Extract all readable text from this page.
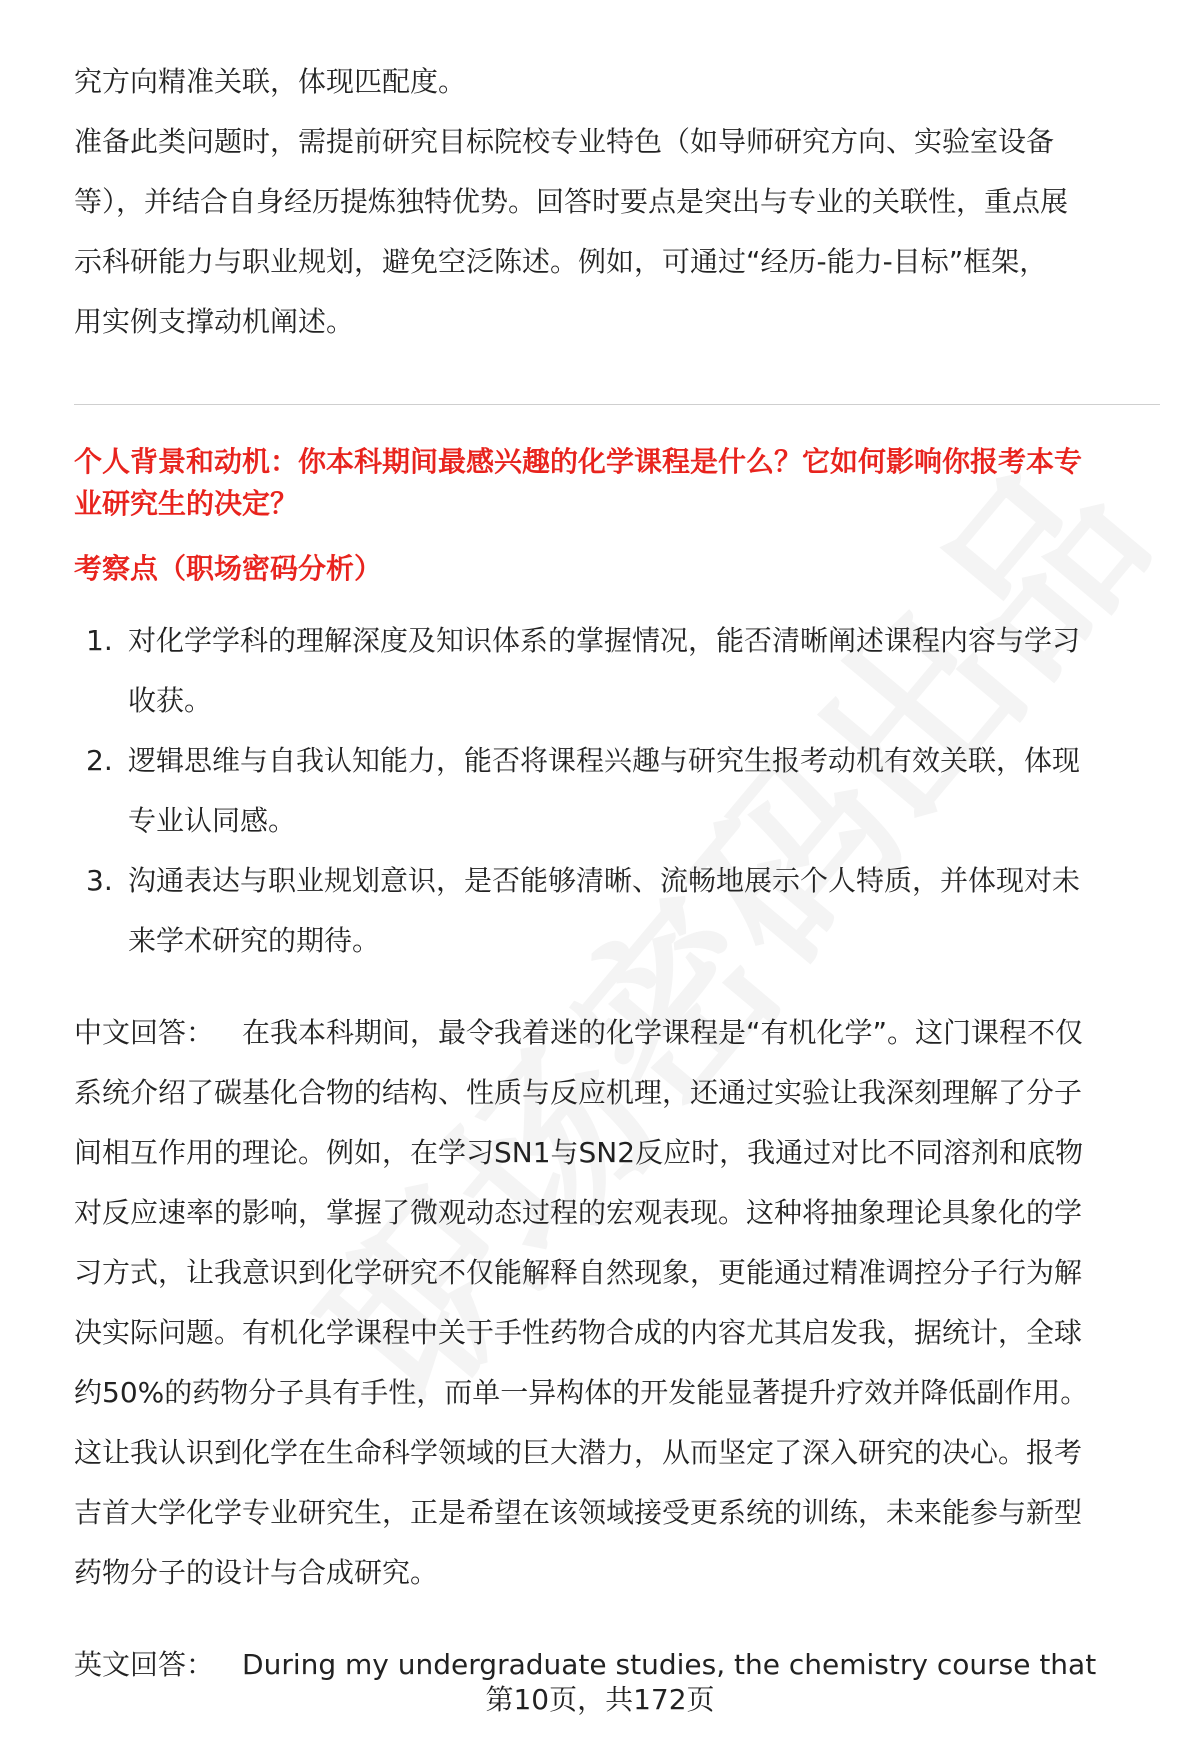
究方向精准关联，体现匹配度。

准备此类问题时，需提前研究目标院校专业特色（如导师研究方向、实验室设备

等），并结合自身经历提炼独特优势。回答时要点是突出与专业的关联性，重点展

示科研能力与职业规划，避免空泛陈述。例如，可通过“经历-能力-目标”框架，

用实例支撑动机阐述。

个人背景和动机：你本科期间最感兴趣的化学课程是什么？它如何影响你报考本专

业研究生的决定？

考察点（职场密码分析）

1. 对化学学科的理解深度及知识体系的掌握情况，能否清晰阐述课程内容与学习
收获。
2. 逻辑思维与自我认知能力，能否将课程兴趣与研究生报考动机有效关联，体现
专业认同感。
3. 沟通表达与职业规划意识，是否能够清晰、流畅地展示个人特质，并体现对未
来学术研究的期待。

中文回答： 在我本科期间，最令我着迷的化学课程是“有机化学”。这门课程不仅

系统介绍了碳基化合物的结构、性质与反应机理，还通过实验让我深刻理解了分子

间相互作用的理论。例如，在学习SN1与SN2反应时，我通过对比不同溶剂和底物

对反应速率的影响，掌握了微观动态过程的宏观表现。这种将抽象理论具象化的学

习方式，让我意识到化学研究不仅能解释自然现象，更能通过精准调控分子行为解

决实际问题。有机化学课程中关于手性药物合成的内容尤其启发我，据统计，全球

约50%的药物分子具有手性，而单一异构体的开发能显著提升疗效并降低副作用。

这让我认识到化学在生命科学领域的巨大潜力，从而坚定了深入研究的决心。报考

吉首大学化学专业研究生，正是希望在该领域接受更系统的训练，未来能参与新型

药物分子的设计与合成研究。

英文回答： During my undergraduate studies, the chemistry course that

第10页，共172页
